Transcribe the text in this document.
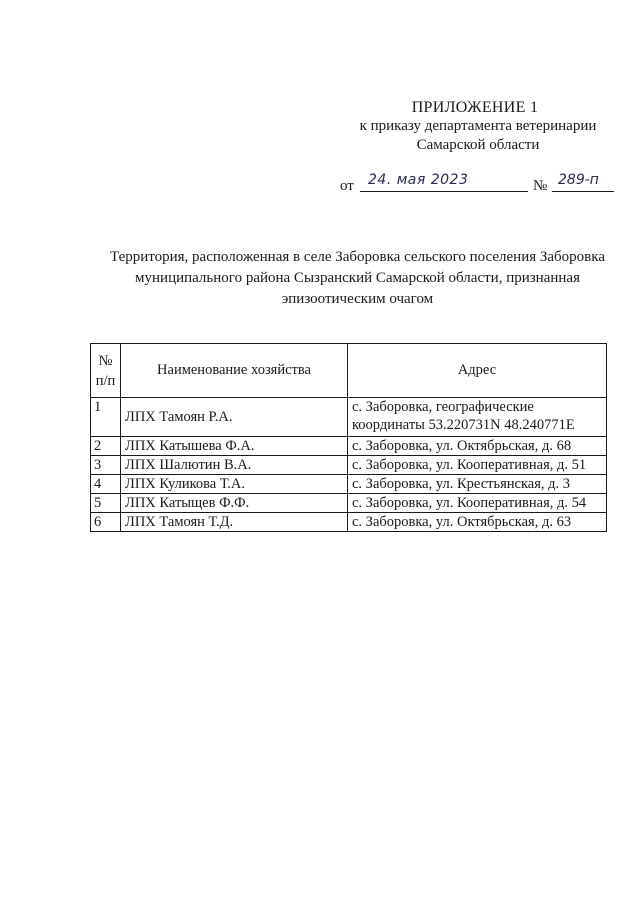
ПРИЛОЖЕНИЕ 1
к приказу департамента ветеринарии
Самарской области
от	24. мая 2023	№ 289-п
Территория, расположенная в селе Заборовка сельского поселения Заборовка
муниципального района Сызранский Самарской области, признанная
эпизоотическим очагом
№
п/п	Наименование хозяйства	Адрес
1	ЛПХ Тамоян Р.А.	с. Заборовка, географические координаты 53.220731N 48.240771E
2	ЛПХ Катышева Ф.А.	с. Заборовка, ул. Октябрьская, д. 68
3	ЛПХ Шалютин В.А.	с. Заборовка, ул. Кооперативная, д. 51
4	ЛПХ Куликова Т.А.	с. Заборовка, ул. Крестьянская, д. 3
5	ЛПХ Катыщев Ф.Ф.	с. Заборовка, ул. Кооперативная, д. 54
6	ЛПХ Тамоян Т.Д.	с. Заборовка, ул. Октябрьская, д. 63
